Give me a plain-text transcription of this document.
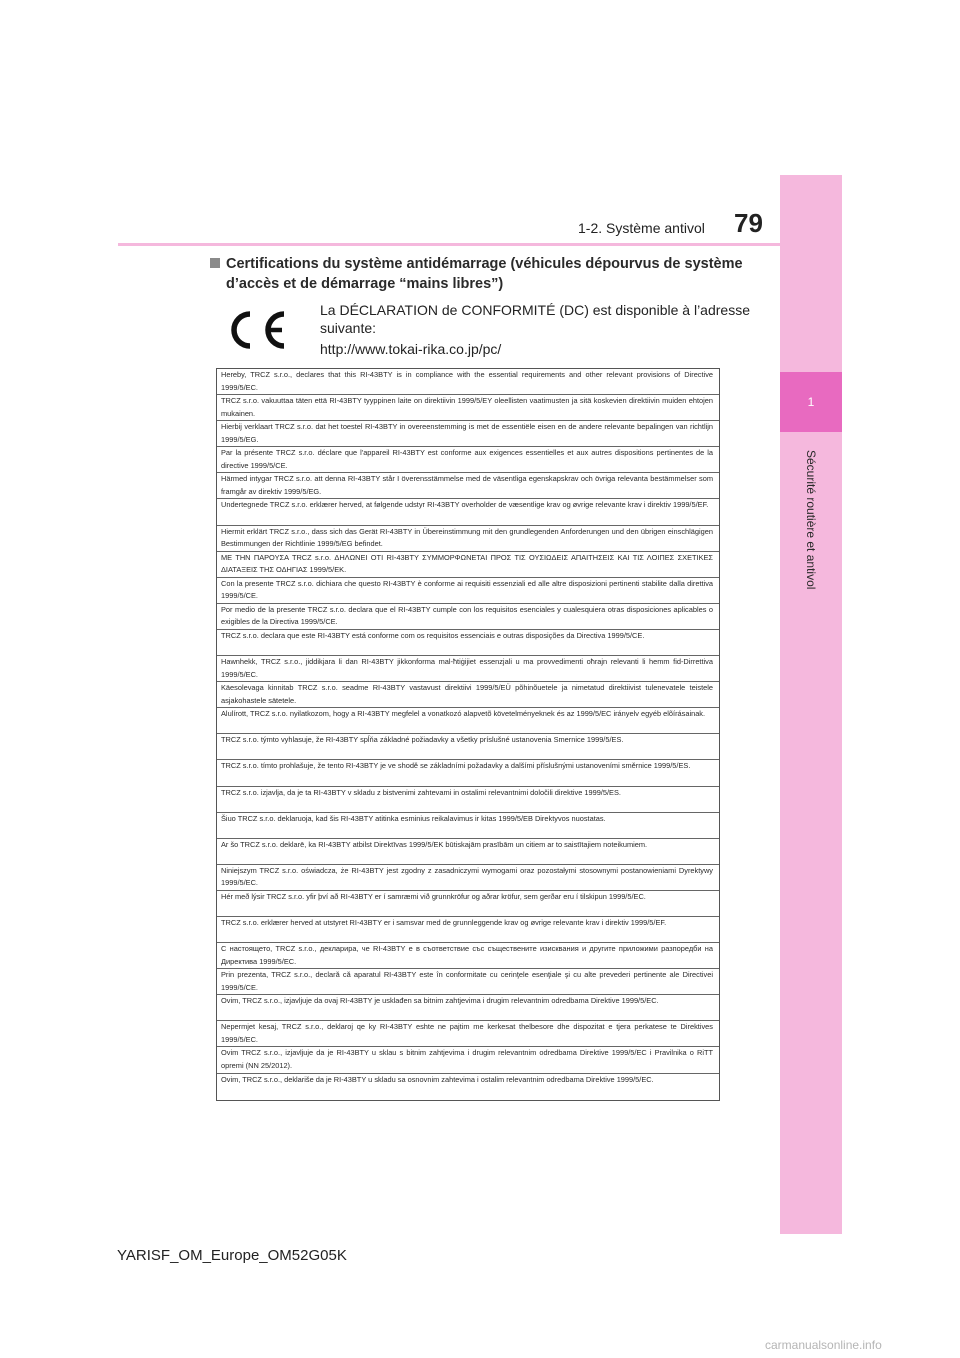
1
Sécurité routière et antivol
1-2. Système antivol 79
Certifications du système antidémarrage (véhicules dépourvus de système
d’accès et de démarrage “mains libres”)
La DÉCLARATION de CONFORMITÉ (DC) est disponible à l’adresse suivante:
http://www.tokai-rika.co.jp/pc/
Hereby, TRCZ s.r.o., declares that this RI-43BTY is in compliance with the essential requirements and other relevant provisions of Directive 1999/5/EC.
TRCZ s.r.o. vakuuttaa täten että RI-43BTY tyyppinen laite on direktiivin 1999/5/EY oleellisten vaatimusten ja sitä koskevien direktiivin muiden ehtojen mukainen.
Hierbij verklaart TRCZ s.r.o. dat het toestel RI-43BTY in overeenstemming is met de essentiële eisen en de andere relevante bepalingen van richtlijn 1999/5/EG.
Par la présente TRCZ s.r.o. déclare que l'appareil RI-43BTY est conforme aux exigences essentielles et aux autres dispositions pertinentes de la directive 1999/5/CE.
Härmed intygar TRCZ s.r.o. att denna RI-43BTY står I överensstämmelse med de väsentliga egenskapskrav och övriga relevanta bestämmelser som framgår av direktiv 1999/5/EG.
Undertegnede TRCZ s.r.o. erklærer herved, at følgende udstyr RI-43BTY overholder de væsentlige krav og øvrige relevante krav i direktiv 1999/5/EF.
Hiermit erklärt TRCZ s.r.o., dass sich das Gerät RI-43BTY in Übereinstimmung mit den grundlegenden Anforderungen und den übrigen einschlägigen Bestimmungen der Richtlinie 1999/5/EG befindet.
ΜΕ ΤΗΝ ΠΑΡΟΥΣΑ TRCZ s.r.o. ΔΗΛΩΝΕΙ ΟΤΙ RI-43BTY ΣΥΜΜΟΡΦΩΝΕΤΑΙ ΠΡΟΣ ΤΙΣ ΟΥΣΙΩΔΕΙΣ ΑΠΑΙΤΗΣΕΙΣ ΚΑΙ ΤΙΣ ΛΟΙΠΕΣ ΣΧΕΤΙΚΕΣ ΔΙΑΤΑΞΕΙΣ ΤΗΣ ΟΔΗΓΙΑΣ 1999/5/ΕΚ.
Con la presente TRCZ s.r.o. dichiara che questo RI-43BTY è conforme ai requisiti essenziali ed alle altre disposizioni pertinenti stabilite dalla direttiva 1999/5/CE.
Por medio de la presente TRCZ s.r.o. declara que el RI-43BTY cumple con los requisitos esenciales y cualesquiera otras disposiciones aplicables o exigibles de la Directiva 1999/5/CE.
TRCZ s.r.o. declara que este RI-43BTY está conforme com os requisitos essenciais e outras disposições da Directiva 1999/5/CE.
Hawnhekk, TRCZ s.r.o., jiddikjara li dan RI-43BTY jikkonforma mal-ħtiġijiet essenzjali u ma provvedimenti oħrajn relevanti li hemm fid-Dirrettiva 1999/5/EC.
Käesolevaga kinnitab TRCZ s.r.o. seadme RI-43BTY vastavust direktiivi 1999/5/EÜ põhinõuetele ja nimetatud direktiivist tulenevatele teistele asjakohastele sätetele.
Alulírott, TRCZ s.r.o. nyilatkozom, hogy a RI-43BTY megfelel a vonatkozó alapvetõ követelményeknek és az 1999/5/EC irányelv egyéb elõírásainak.
TRCZ s.r.o. týmto vyhlasuje, že RI-43BTY spĺňa základné požiadavky a všetky príslušné ustanovenia Smernice 1999/5/ES.
TRCZ s.r.o. tímto prohlašuje, že tento RI-43BTY je ve shodě se základními požadavky a dalšími příslušnými ustanoveními směrnice 1999/5/ES.
TRCZ s.r.o. izjavlja, da je ta RI-43BTY v skladu z bistvenimi zahtevami in ostalimi relevantnimi določili direktive 1999/5/ES.
Šiuo TRCZ s.r.o. deklaruoja, kad šis RI-43BTY atitinka esminius reikalavimus ir kitas 1999/5/EB Direktyvos nuostatas.
Ar šo TRCZ s.r.o. deklarē, ka RI-43BTY atbilst Direktīvas 1999/5/EK būtiskajām prasībām un citiem ar to saistītajiem noteikumiem.
Niniejszym TRCZ s.r.o. oświadcza, że RI-43BTY jest zgodny z zasadniczymi wymogami oraz pozostałymi stosownymi postanowieniami Dyrektywy 1999/5/EC.
Hér með lýsir TRCZ s.r.o. yfir því að RI-43BTY er í samræmi við grunnkröfur og aðrar kröfur, sem gerðar eru í tilskipun 1999/5/EC.
TRCZ s.r.o. erklærer herved at utstyret RI-43BTY er i samsvar med de grunnleggende krav og øvrige relevante krav i direktiv 1999/5/EF.
С настоящето, TRCZ s.r.o., декларира, че RI-43BTY е в съответствие със съществените изисквания и другите приложими разпоредби на Директива 1999/5/ЕС.
Prin prezenta, TRCZ s.r.o., declară că aparatul RI-43BTY este în conformitate cu cerinţele esenţiale şi cu alte prevederi pertinente ale Directivei 1999/5/CE.
Ovim, TRCZ s.r.o., izjavljuje da ovaj RI-43BTY je usklađen sa bitnim zahtjevima i drugim relevantnim odredbama Direktive 1999/5/EC.
Nepermjet kesaj, TRCZ s.r.o., deklaroj qe ky RI-43BTY eshte ne pajtim me kerkesat thelbesore dhe dispozitat e tjera perkatese te Direktives 1999/5/EC.
Ovim TRCZ s.r.o., izjavljuje da je RI-43BTY u sklau s bitnim zahtjevima i drugim relevantnim odredbama Direktive 1999/5/EC i Pravilnika o RiTT opremi (NN 25/2012).
Ovim, TRCZ s.r.o., deklariše da je RI-43BTY u skladu sa osnovnim zahtevima i ostalim relevantnim odredbama Direktive 1999/5/EC.
YARISF_OM_Europe_OM52G05K
carmanualsonline.info
